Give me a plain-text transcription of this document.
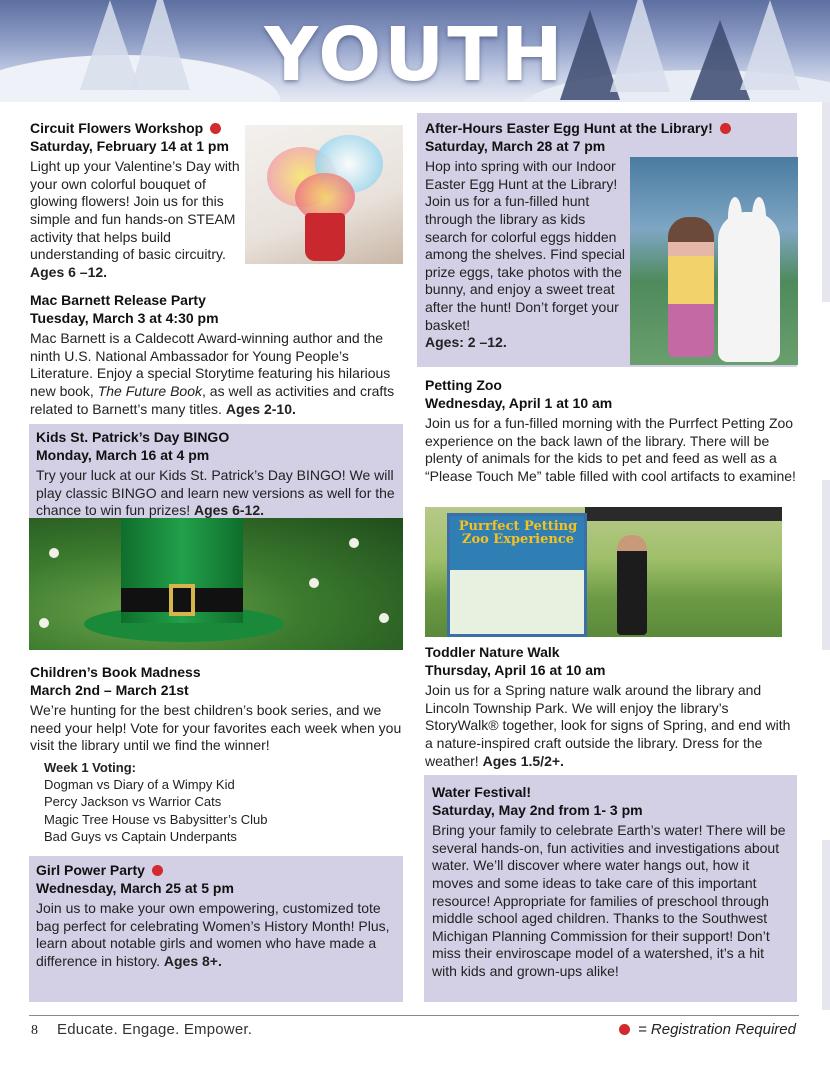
YOUTH
Circuit Flowers Workshop
Saturday, February 14 at 1 pm
Light up your Valentine’s Day with your own colorful bouquet of glowing flowers! Join us for this simple and fun hands-on STEAM activity that helps build understanding of basic circuitry.
Ages 6 –12.
Mac Barnett Release Party
Tuesday, March 3 at 4:30 pm
Mac Barnett is a Caldecott Award-winning author and the ninth U.S. National Ambassador for Young People’s Literature. Enjoy a special Storytime featuring his hilarious new book, The Future Book, as well as activities and crafts related to Barnett’s many titles. Ages 2-10.
Kids St. Patrick’s Day BINGO
Monday, March 16 at 4 pm
Try your luck at our Kids St. Patrick’s Day BINGO! We will play classic BINGO and learn new versions as well for the chance to win fun prizes! Ages 6-12.
Children’s Book Madness
March 2nd – March 21st
We’re hunting for the best children’s book series, and we need your help! Vote for your favorites each week when you visit the library until we find the winner!
Week 1 Voting:
Dogman vs Diary of a Wimpy Kid
Percy Jackson vs Warrior Cats
Magic Tree House vs Babysitter’s Club
Bad Guys vs Captain Underpants
Girl Power Party
Wednesday, March 25 at 5 pm
Join us to make your own empowering, customized tote bag perfect for celebrating Women’s History Month! Plus, learn about notable girls and women who have made a difference in history. Ages 8+.
After-Hours Easter Egg Hunt at the Library!
Saturday, March 28 at 7 pm
Hop into spring with our Indoor Easter Egg Hunt at the Library! Join us for a fun-filled hunt through the library as kids search for colorful eggs hidden among the shelves. Find special prize eggs, take photos with the bunny, and enjoy a sweet treat after the hunt! Don’t forget your basket!
Ages: 2 –12.
Petting Zoo
Wednesday, April 1 at 10 am
Join us for a fun-filled morning with the Purrfect Petting Zoo experience on the back lawn of the library. There will be plenty of animals for the kids to pet and feed as well as a “Please Touch Me” table filled with cool artifacts to examine!
Purrfect Petting Zoo Experience
Toddler Nature Walk
Thursday, April 16 at 10 am
Join us for a Spring nature walk around the library and Lincoln Township Park. We will enjoy the library’s StoryWalk® together, look for signs of Spring, and end with a nature-inspired craft outside the library. Dress for the weather! Ages 1.5/2+.
Water Festival!
Saturday, May 2nd from 1- 3 pm
Bring your family to celebrate Earth’s water! There will be several hands-on, fun activities and investigations about water. We’ll discover where water hangs out, how it moves and some ideas to take care of this important resource! Appropriate for families of preschool through middle school aged children. Thanks to the Southwest Michigan Planning Commission for their support! Don’t miss their enviroscape model of a watershed, it’s a hit with kids and grown-ups alike!
8 Educate. Engage. Empower.	= Registration Required
